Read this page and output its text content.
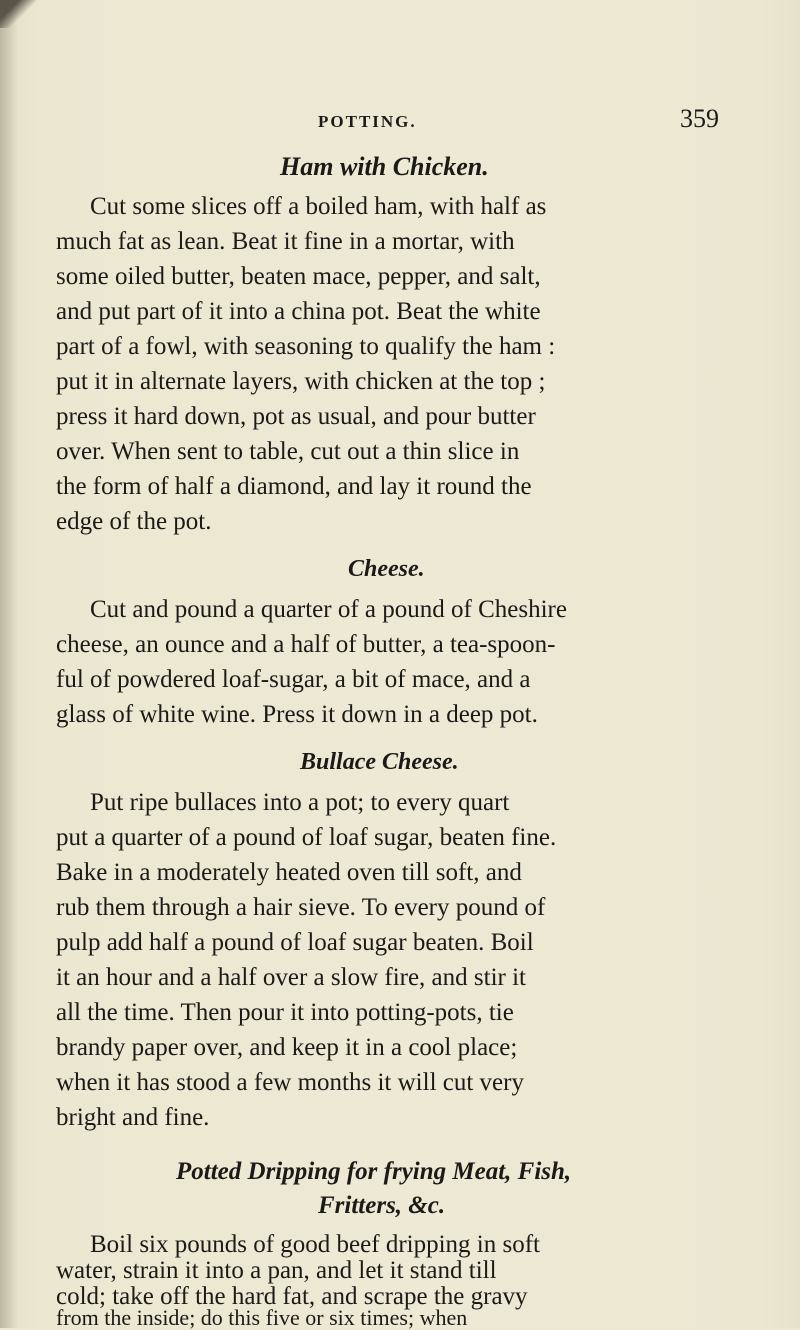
POTTING.	359
Ham with Chicken.
Cut some slices off a boiled ham, with half as
much fat as lean. Beat it fine in a mortar, with
some oiled butter, beaten mace, pepper, and salt,
and put part of it into a china pot. Beat the white
part of a fowl, with seasoning to qualify the ham :
put it in alternate layers, with chicken at the top ;
press it hard down, pot as usual, and pour butter
over. When sent to table, cut out a thin slice in
the form of half a diamond, and lay it round the
edge of the pot.
Cheese.
Cut and pound a quarter of a pound of Cheshire
cheese, an ounce and a half of butter, a tea-spoon-
ful of powdered loaf-sugar, a bit of mace, and a
glass of white wine. Press it down in a deep pot.
Bullace Cheese.
Put ripe bullaces into a pot; to every quart
put a quarter of a pound of loaf sugar, beaten fine.
Bake in a moderately heated oven till soft, and
rub them through a hair sieve. To every pound of
pulp add half a pound of loaf sugar beaten. Boil
it an hour and a half over a slow fire, and stir it
all the time. Then pour it into potting-pots, tie
brandy paper over, and keep it in a cool place;
when it has stood a few months it will cut very
bright and fine.
Potted Dripping for frying Meat, Fish,
Fritters, &c.
Boil six pounds of good beef dripping in soft
water, strain it into a pan, and let it stand till
cold; take off the hard fat, and scrape the gravy
from the inside; do this five or six times; when
